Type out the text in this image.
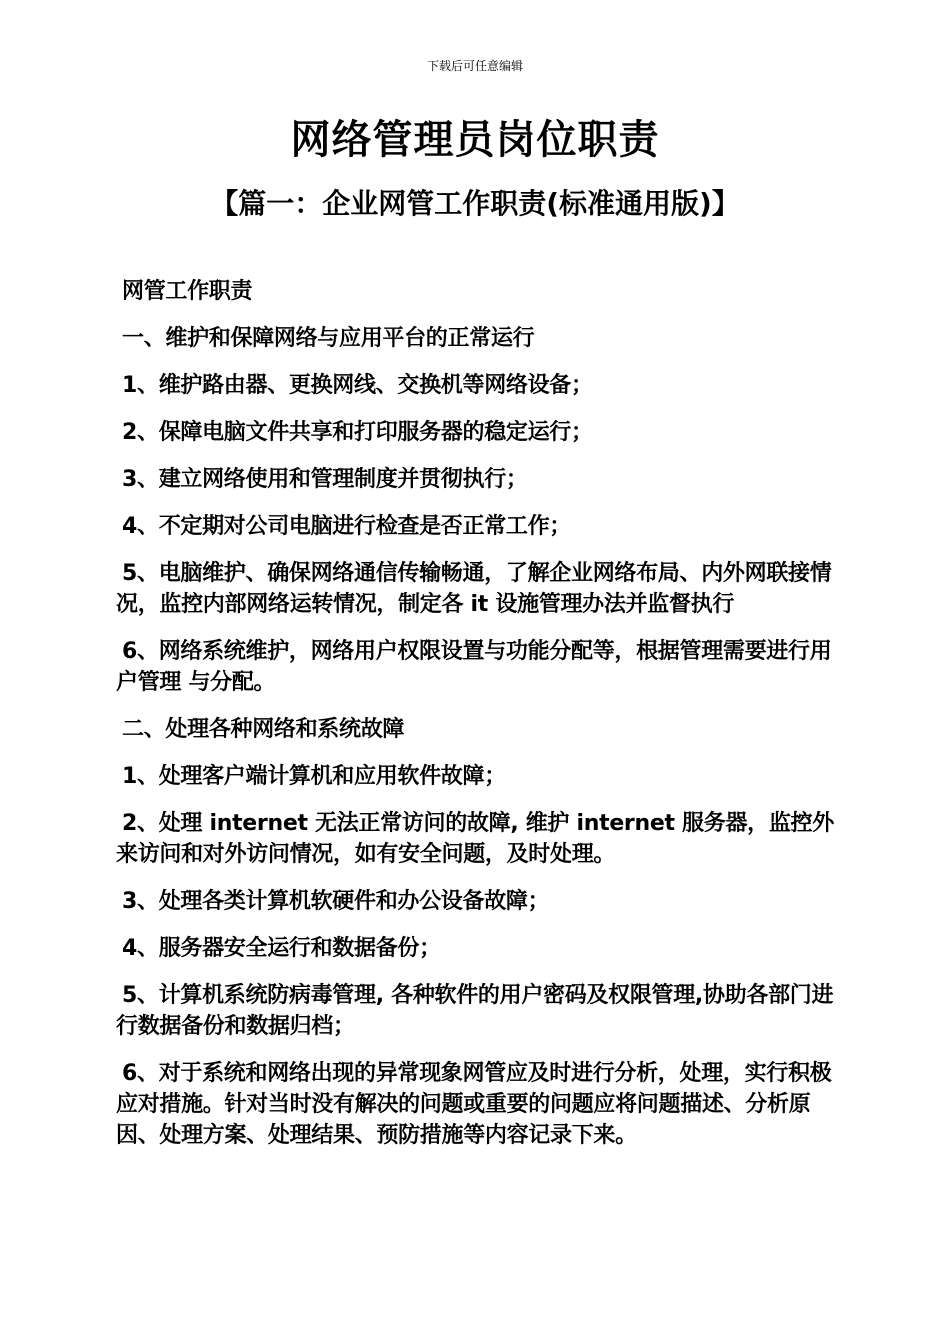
下载后可任意编辑
网络管理员岗位职责
【篇一：企业网管工作职责(标准通用版)】

网管工作职责

一、维护和保障网络与应用平台的正常运行

1、维护路由器、更换网线、交换机等网络设备；

2、保障电脑文件共享和打印服务器的稳定运行；

3、建立网络使用和管理制度并贯彻执行；

4、不定期对公司电脑进行检查是否正常工作；

5、电脑维护、确保网络通信传输畅通，了解企业网络布局、内外网联接情况，监控内部网络运转情况，制定各 it 设施管理办法并监督执行

6、网络系统维护，网络用户权限设置与功能分配等，根据管理需要进行用户管理 与分配。

二、处理各种网络和系统故障

1、处理客户端计算机和应用软件故障；

2、处理 internet 无法正常访问的故障, 维护 internet 服务器，监控外来访问和对外访问情况，如有安全问题，及时处理。

3、处理各类计算机软硬件和办公设备故障；

4、服务器安全运行和数据备份；

5、计算机系统防病毒管理, 各种软件的用户密码及权限管理,协助各部门进行数据备份和数据归档；

6、对于系统和网络出现的异常现象网管应及时进行分析，处理，实行积极应对措施。针对当时没有解决的问题或重要的问题应将问题描述、分析原因、处理方案、处理结果、预防措施等内容记录下来。
